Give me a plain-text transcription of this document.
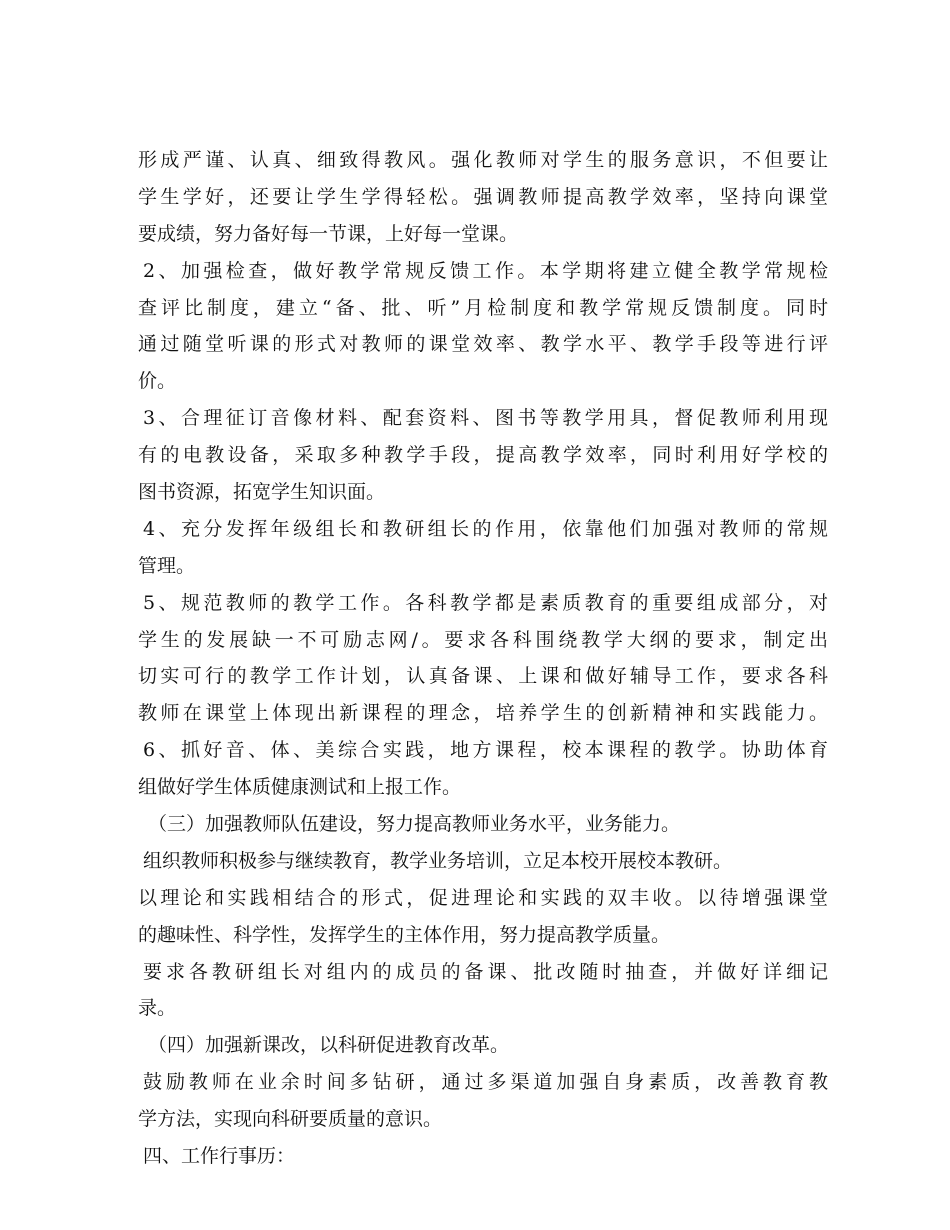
形成严谨、认真、细致得教风。强化教师对学生的服务意识，不但要让
学生学好，还要让学生学得轻松。强调教师提高教学效率，坚持向课堂
要成绩，努力备好每一节课，上好每一堂课。
2、加强检查，做好教学常规反馈工作。本学期将建立健全教学常规检
查评比制度，建立“备、批、听”月检制度和教学常规反馈制度。同时
通过随堂听课的形式对教师的课堂效率、教学水平、教学手段等进行评
价。
3、合理征订音像材料、配套资料、图书等教学用具，督促教师利用现
有的电教设备，采取多种教学手段，提高教学效率，同时利用好学校的
图书资源，拓宽学生知识面。
4、充分发挥年级组长和教研组长的作用，依靠他们加强对教师的常规
管理。
5、规范教师的教学工作。各科教学都是素质教育的重要组成部分，对
学生的发展缺一不可励志网/。要求各科围绕教学大纲的要求，制定出
切实可行的教学工作计划，认真备课、上课和做好辅导工作，要求各科
教师在课堂上体现出新课程的理念，培养学生的创新精神和实践能力。
6、抓好音、体、美综合实践，地方课程，校本课程的教学。协助体育
组做好学生体质健康测试和上报工作。
（三）加强教师队伍建设，努力提高教师业务水平，业务能力。
组织教师积极参与继续教育，教学业务培训，立足本校开展校本教研。
以理论和实践相结合的形式，促进理论和实践的双丰收。以待增强课堂
的趣味性、科学性，发挥学生的主体作用，努力提高教学质量。
要求各教研组长对组内的成员的备课、批改随时抽查，并做好详细记
录。
（四）加强新课改，以科研促进教育改革。
鼓励教师在业余时间多钻研，通过多渠道加强自身素质，改善教育教
学方法，实现向科研要质量的意识。
四、工作行事历：
